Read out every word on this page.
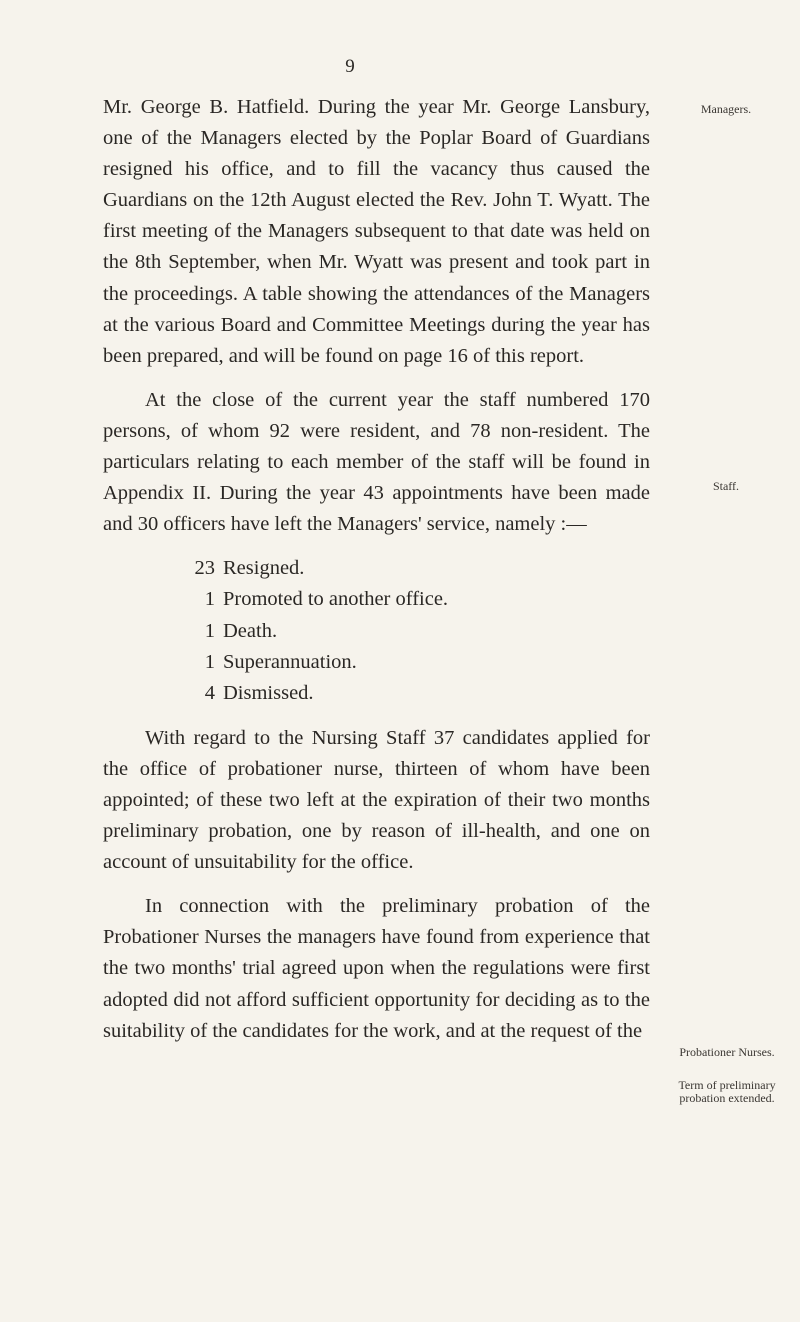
9
Managers.
Staff.
Probationer Nurses.
Term of preliminary probation extended.

Mr. George B. Hatfield. During the year Mr. George Lansbury, one of the Managers elected by the Poplar Board of Guardians resigned his office, and to fill the vacancy thus caused the Guardians on the 12th August elected the Rev. John T. Wyatt. The first meeting of the Managers subsequent to that date was held on the 8th September, when Mr. Wyatt was present and took part in the proceedings. A table showing the attendances of the Managers at the various Board and Committee Meetings during the year has been prepared, and will be found on page 16 of this report.

At the close of the current year the staff numbered 170 persons, of whom 92 were resident, and 78 non-resident. The particulars relating to each member of the staff will be found in Appendix II. During the year 43 appointments have been made and 30 officers have left the Managers' service, namely :—

23 Resigned.
1 Promoted to another office.
1 Death.
1 Superannuation.
4 Dismissed.

With regard to the Nursing Staff 37 candidates applied for the office of probationer nurse, thirteen of whom have been appointed; of these two left at the expiration of their two months preliminary probation, one by reason of ill-health, and one on account of unsuitability for the office.

In connection with the preliminary probation of the Probationer Nurses the managers have found from experience that the two months' trial agreed upon when the regulations were first adopted did not afford sufficient opportunity for deciding as to the suitability of the candidates for the work, and at the request of the
